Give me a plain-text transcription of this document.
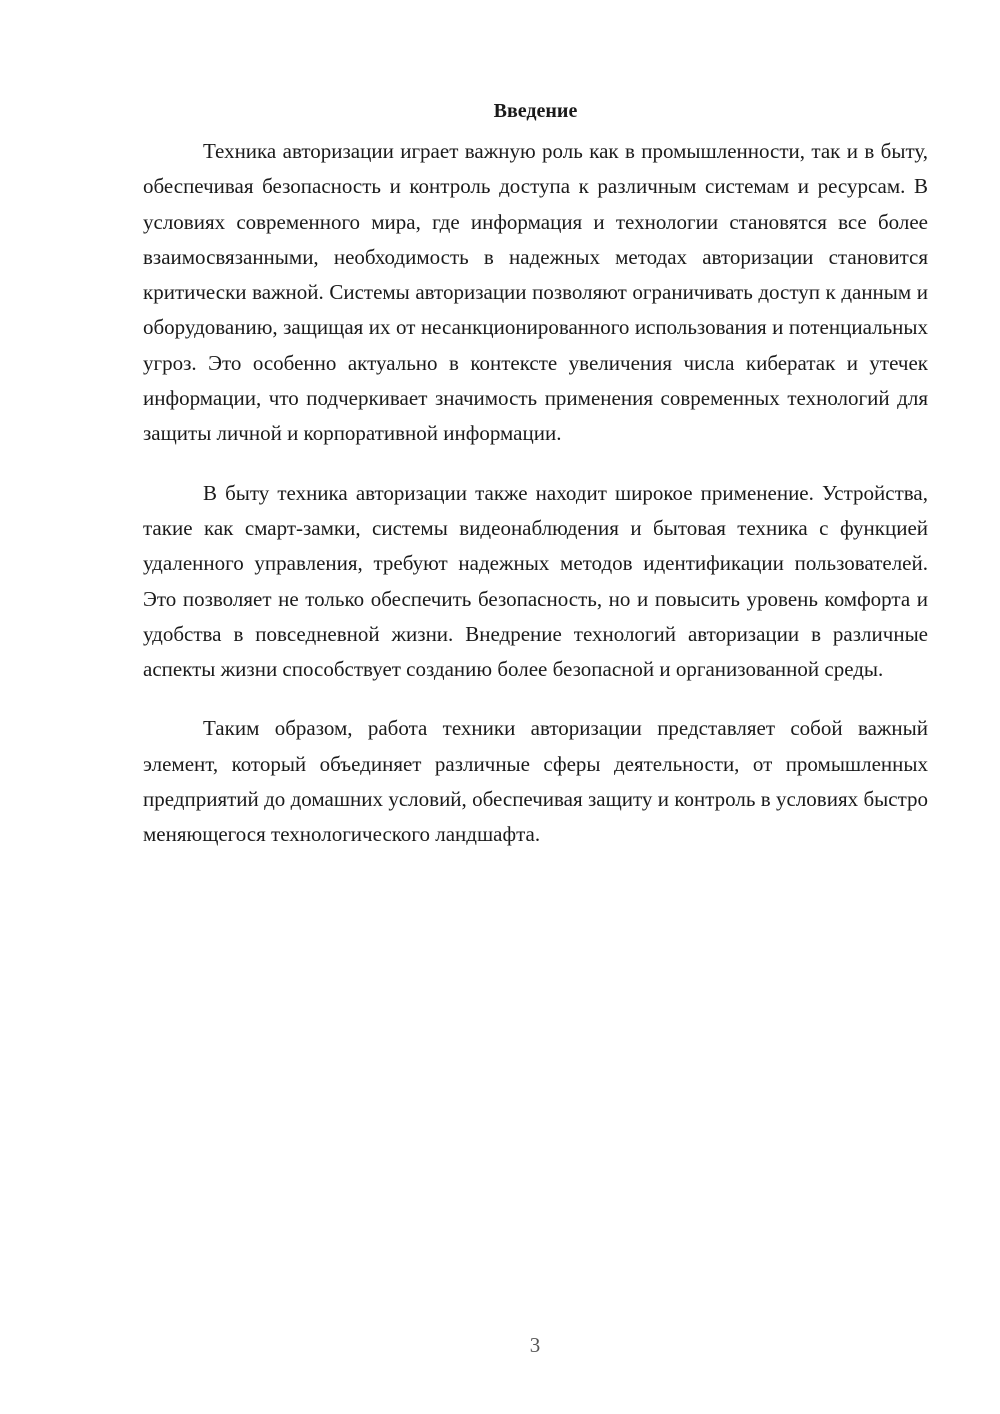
Введение

Техника авторизации играет важную роль как в промышленности, так и в быту, обеспечивая безопасность и контроль доступа к различным системам и ресурсам. В условиях современного мира, где информация и технологии становятся все более взаимосвязанными, необходимость в надежных методах авторизации становится критически важной. Системы авторизации позволяют ограничивать доступ к данным и оборудованию, защищая их от несанкционированного использования и потенциальных угроз. Это особенно актуально в контексте увеличения числа кибератак и утечек информации, что подчеркивает значимость применения современных технологий для защиты личной и корпоративной информации.

В быту техника авторизации также находит широкое применение. Устройства, такие как смарт-замки, системы видеонаблюдения и бытовая техника с функцией удаленного управления, требуют надежных методов идентификации пользователей. Это позволяет не только обеспечить безопасность, но и повысить уровень комфорта и удобства в повседневной жизни. Внедрение технологий авторизации в различные аспекты жизни способствует созданию более безопасной и организованной среды.

Таким образом, работа техники авторизации представляет собой важный элемент, который объединяет различные сферы деятельности, от промышленных предприятий до домашних условий, обеспечивая защиту и контроль в условиях быстро меняющегося технологического ландшафта.

3
